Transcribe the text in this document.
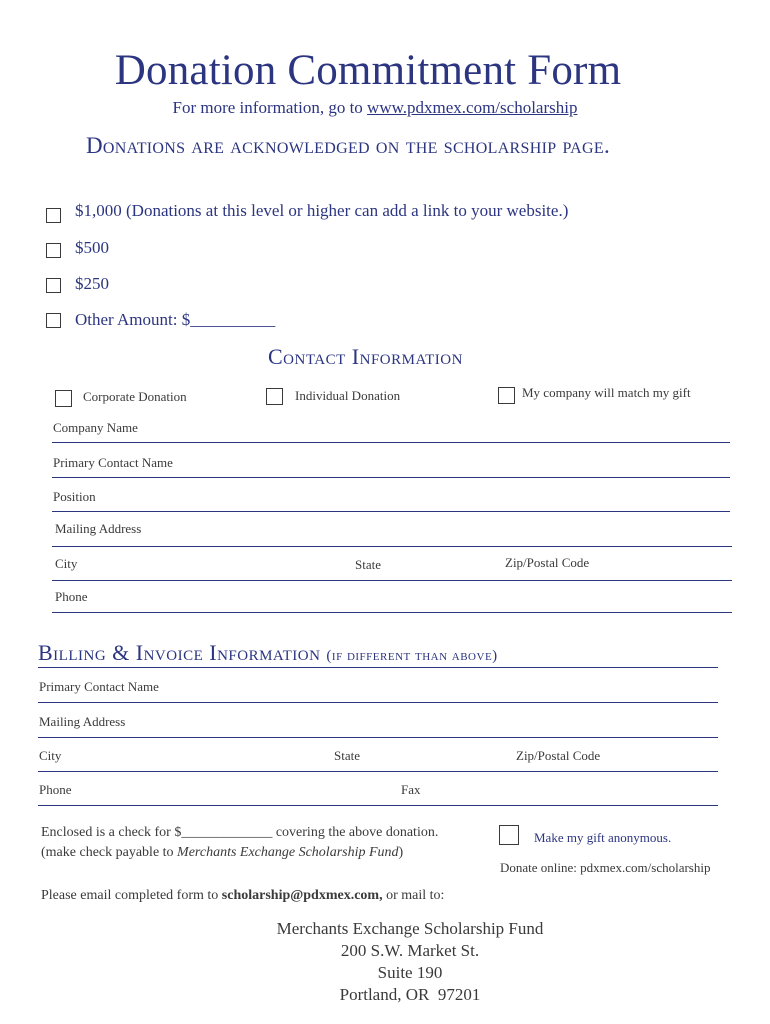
Donation Commitment Form
For more information, go to www.pdxmex.com/scholarship
Donations are acknowledged on the scholarship page.
$1,000 (Donations at this level or higher can add a link to your website.)
$500
$250
Other Amount: $__________
Contact Information
Corporate Donation	Individual Donation	My company will match my gift
Company Name
Primary Contact Name
Position
Mailing Address
City	State	Zip/Postal Code
Phone
Billing & Invoice Information (if different than above)
Primary Contact Name
Mailing Address
City	State	Zip/Postal Code
Phone	Fax
Enclosed is a check for $_____________ covering the above donation.
(make check payable to Merchants Exchange Scholarship Fund)
Make my gift anonymous.
Donate online: pdxmex.com/scholarship
Please email completed form to scholarship@pdxmex.com, or mail to:
Merchants Exchange Scholarship Fund
200 S.W. Market St.
Suite 190
Portland, OR  97201
